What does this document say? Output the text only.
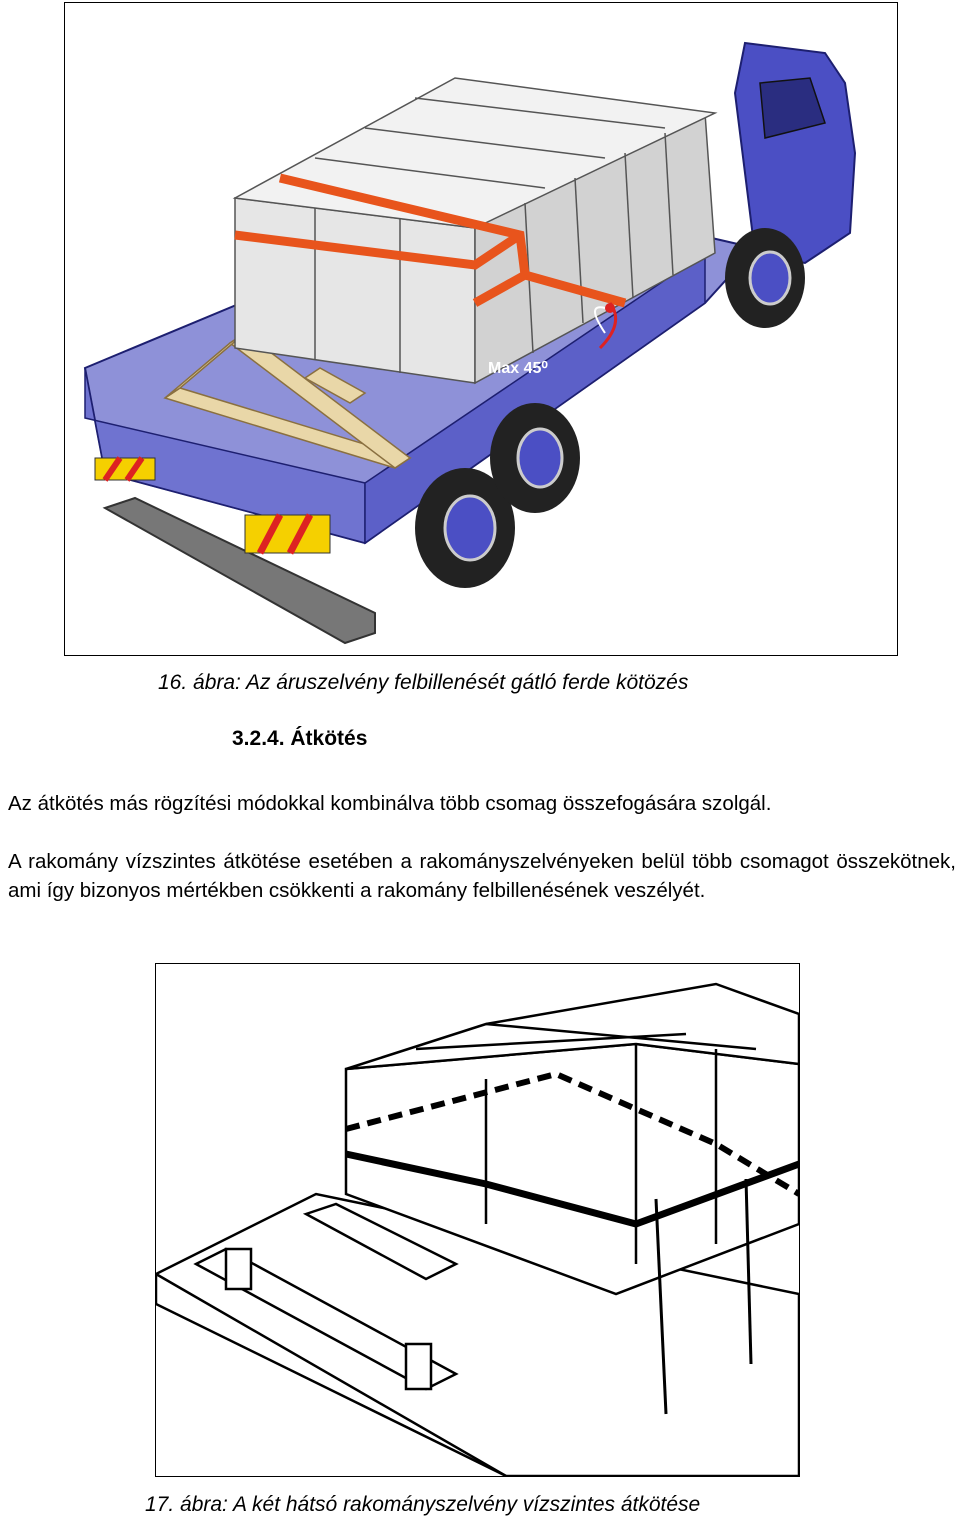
Max 45⁰
16. ábra: Az áruszelvény felbillenését gátló ferde kötözés
3.2.4. Átkötés
Az átkötés más rögzítési módokkal kombinálva több csomag összefogására szolgál.
A rakomány vízszintes átkötése esetében a rakományszelvényeken belül több csomagot összekötnek, ami így bizonyos mértékben csökkenti a rakomány felbillenésének veszélyét.
17. ábra: A két hátsó rakományszelvény vízszintes átkötése
